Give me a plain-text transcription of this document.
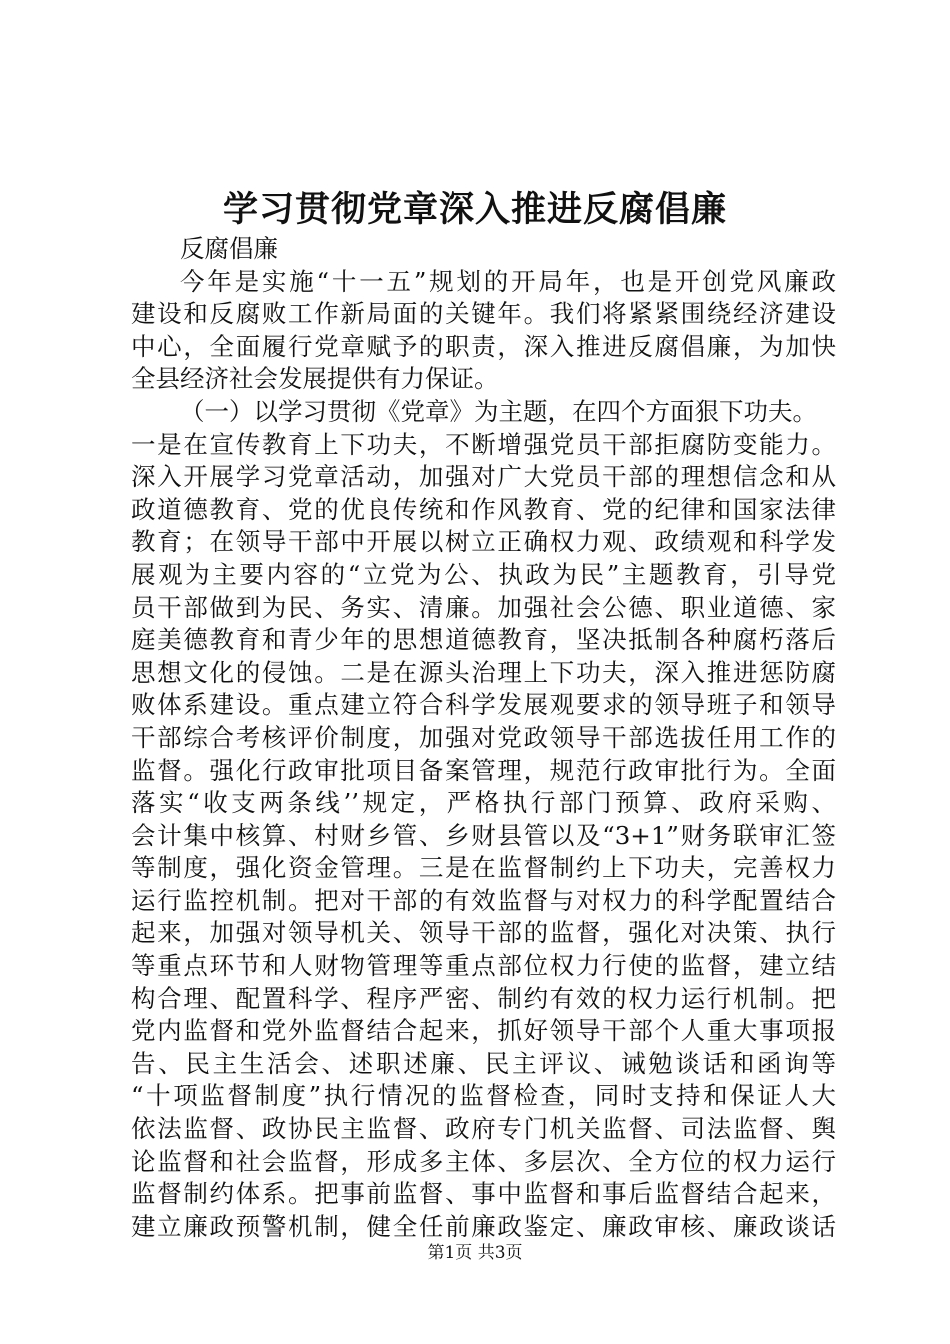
学习贯彻党章深入推进反腐倡廉
反腐倡廉
今年是实施“十一五”规划的开局年，也是开创党风廉政
建设和反腐败工作新局面的关键年。我们将紧紧围绕经济建设
中心，全面履行党章赋予的职责，深入推进反腐倡廉，为加快
全县经济社会发展提供有力保证。
（一）以学习贯彻《党章》为主题，在四个方面狠下功夫。
一是在宣传教育上下功夫，不断增强党员干部拒腐防变能力。
深入开展学习党章活动，加强对广大党员干部的理想信念和从
政道德教育、党的优良传统和作风教育、党的纪律和国家法律
教育；在领导干部中开展以树立正确权力观、政绩观和科学发
展观为主要内容的“立党为公、执政为民”主题教育，引导党
员干部做到为民、务实、清廉。加强社会公德、职业道德、家
庭美德教育和青少年的思想道德教育，坚决抵制各种腐朽落后
思想文化的侵蚀。二是在源头治理上下功夫，深入推进惩防腐
败体系建设。重点建立符合科学发展观要求的领导班子和领导
干部综合考核评价制度，加强对党政领导干部选拔任用工作的
监督。强化行政审批项目备案管理，规范行政审批行为。全面
落实“收支两条线’’规定，严格执行部门预算、政府采购、
会计集中核算、村财乡管、乡财县管以及“3+1”财务联审汇签
等制度，强化资金管理。三是在监督制约上下功夫，完善权力
运行监控机制。把对干部的有效监督与对权力的科学配置结合
起来，加强对领导机关、领导干部的监督，强化对决策、执行
等重点环节和人财物管理等重点部位权力行使的监督，建立结
构合理、配置科学、程序严密、制约有效的权力运行机制。把
党内监督和党外监督结合起来，抓好领导干部个人重大事项报
告、民主生活会、述职述廉、民主评议、诫勉谈话和函询等
“十项监督制度”执行情况的监督检查，同时支持和保证人大
依法监督、政协民主监督、政府专门机关监督、司法监督、舆
论监督和社会监督，形成多主体、多层次、全方位的权力运行
监督制约体系。把事前监督、事中监督和事后监督结合起来，
建立廉政预警机制，健全任前廉政鉴定、廉政审核、廉政谈话
第1页 共3页
